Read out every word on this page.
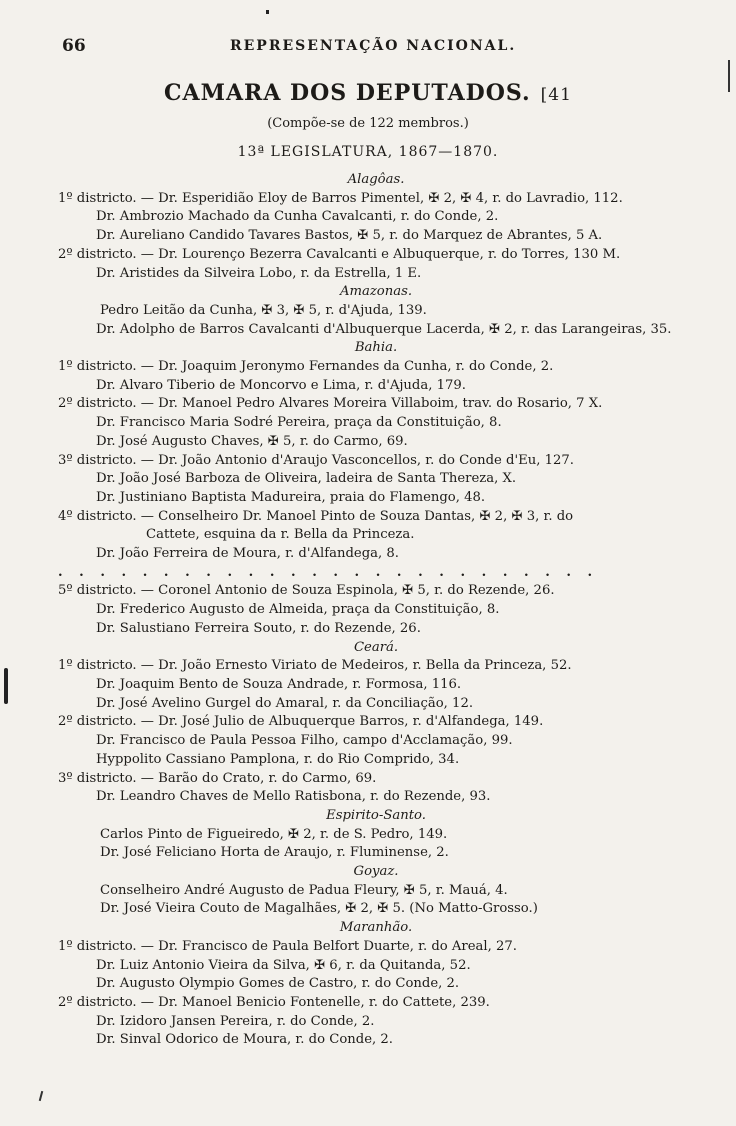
66	REPRESENTAÇÃO NACIONAL.
CAMARA DOS DEPUTADOS. [41
(Compõe-se de 122 membros.)
13ª LEGISLATURA, 1867—1870.
Alagôas.
1º districto. — Dr. Esperidião Eloy de Barros Pimentel, ✠ 2, ✠ 4, r. do Lavradio, 112.
Dr. Ambrozio Machado da Cunha Cavalcanti, r. do Conde, 2.
Dr. Aureliano Candido Tavares Bastos, ✠ 5, r. do Marquez de Abrantes, 5 A.
2º districto. — Dr. Lourenço Bezerra Cavalcanti e Albuquerque, r. do Torres, 130 M.
Dr. Aristides da Silveira Lobo, r. da Estrella, 1 E.
Amazonas.
Pedro Leitão da Cunha, ✠ 3, ✠ 5, r. d'Ajuda, 139.
Dr. Adolpho de Barros Cavalcanti d'Albuquerque Lacerda, ✠ 2, r. das Larangeiras, 35.
Bahia.
1º districto. — Dr. Joaquim Jeronymo Fernandes da Cunha, r. do Conde, 2.
Dr. Alvaro Tiberio de Moncorvo e Lima, r. d'Ajuda, 179.
2º districto. — Dr. Manoel Pedro Alvares Moreira Villaboim, trav. do Rosario, 7 X.
Dr. Francisco Maria Sodré Pereira, praça da Constituição, 8.
Dr. José Augusto Chaves, ✠ 5, r. do Carmo, 69.
3º districto. — Dr. João Antonio d'Araujo Vasconcellos, r. do Conde d'Eu, 127.
Dr. João José Barboza de Oliveira, ladeira de Santa Thereza, X.
Dr. Justiniano Baptista Madureira, praia do Flamengo, 48.
4º districto. — Conselheiro Dr. Manoel Pinto de Souza Dantas, ✠ 2, ✠ 3, r. do
Cattete, esquina da r. Bella da Princeza.
Dr. João Ferreira de Moura, r. d'Alfandega, 8.
. . . . . . . . . . . . . . . . . . . . . . . . . .
5º districto. — Coronel Antonio de Souza Espinola, ✠ 5, r. do Rezende, 26.
Dr. Frederico Augusto de Almeida, praça da Constituição, 8.
Dr. Salustiano Ferreira Souto, r. do Rezende, 26.
Ceará.
1º districto. — Dr. João Ernesto Viriato de Medeiros, r. Bella da Princeza, 52.
Dr. Joaquim Bento de Souza Andrade, r. Formosa, 116.
Dr. José Avelino Gurgel do Amaral, r. da Conciliação, 12.
2º districto. — Dr. José Julio de Albuquerque Barros, r. d'Alfandega, 149.
Dr. Francisco de Paula Pessoa Filho, campo d'Acclamação, 99.
Hyppolito Cassiano Pamplona, r. do Rio Comprido, 34.
3º districto. — Barão do Crato, r. do Carmo, 69.
Dr. Leandro Chaves de Mello Ratisbona, r. do Rezende, 93.
Espirito-Santo.
Carlos Pinto de Figueiredo, ✠ 2, r. de S. Pedro, 149.
Dr. José Feliciano Horta de Araujo, r. Fluminense, 2.
Goyaz.
Conselheiro André Augusto de Padua Fleury, ✠ 5, r. Mauá, 4.
Dr. José Vieira Couto de Magalhães, ✠ 2, ✠ 5. (No Matto-Grosso.)
Maranhão.
1º districto. — Dr. Francisco de Paula Belfort Duarte, r. do Areal, 27.
Dr. Luiz Antonio Vieira da Silva, ✠ 6, r. da Quitanda, 52.
Dr. Augusto Olympio Gomes de Castro, r. do Conde, 2.
2º districto. — Dr. Manoel Benicio Fontenelle, r. do Cattete, 239.
Dr. Izidoro Jansen Pereira, r. do Conde, 2.
Dr. Sinval Odorico de Moura, r. do Conde, 2.
